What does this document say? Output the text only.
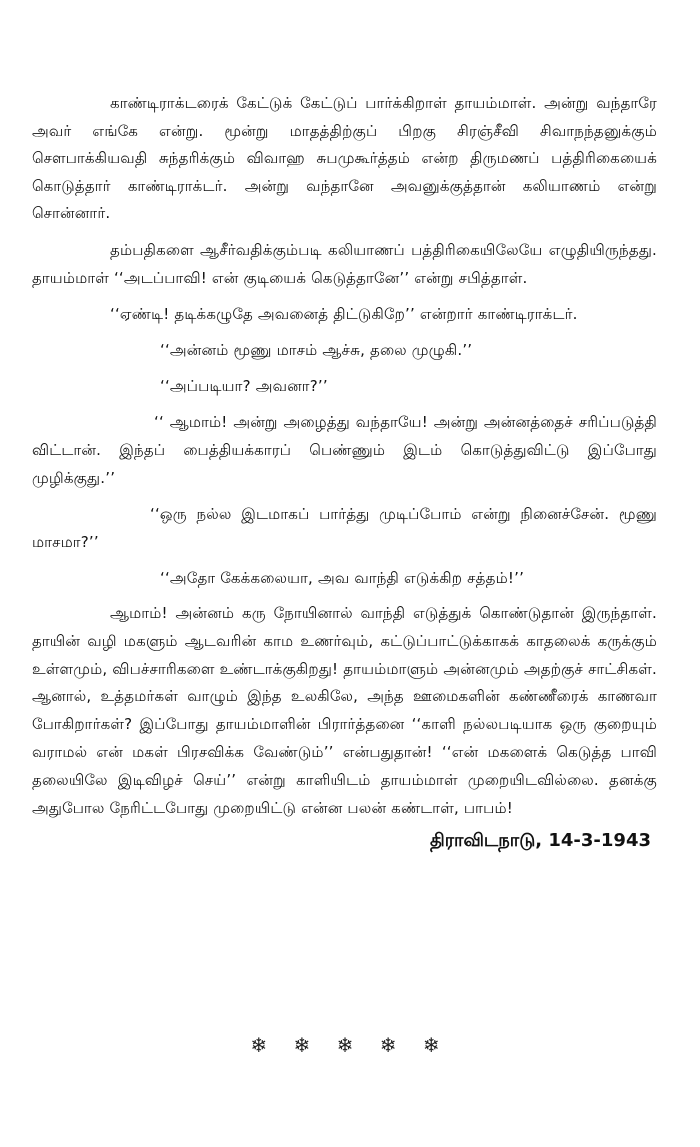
காண்டிராக்டரைக் கேட்டுக் கேட்டுப் பார்க்கிறாள் தாயம்மாள். அன்று வந்தாரே அவர் எங்கே என்று. மூன்று மாதத்திற்குப் பிறகு சிரஞ்சீவி சிவாநந்தனுக்கும் சௌபாக்கியவதி சுந்தரிக்கும் விவாஹ சுபமுகூர்த்தம் என்ற திருமணப் பத்திரிகையைக் கொடுத்தார் காண்டிராக்டர். அன்று வந்தானே அவனுக்குத்தான் கலியாணம் என்று சொன்னார்.

தம்பதிகளை ஆசீர்வதிக்கும்படி கலியாணப் பத்திரிகையிலேயே எழுதியிருந்தது. தாயம்மாள் ‘‘அடப்பாவி! என் குடியைக் கெடுத்தானே’’ என்று சபித்தாள்.

‘‘ஏண்டி! தடிக்கழுதே அவனைத் திட்டுகிறே’’ என்றார் காண்டிராக்டர்.

‘‘அன்னம் மூணு மாசம் ஆச்சு, தலை முழுகி.’’

‘‘அப்படியா? அவனா?’’

‘‘ ஆமாம்! அன்று அழைத்து வந்தாயே! அன்று அன்னத்தைச் சரிப்படுத்தி விட்டான். இந்தப் பைத்தியக்காரப் பெண்ணும் இடம் கொடுத்துவிட்டு இப்போது முழிக்குது.’’

‘‘ஒரு நல்ல இடமாகப் பார்த்து முடிப்போம் என்று நினைச்சேன். மூணு மாசமா?’’

‘‘அதோ கேக்கலையா, அவ வாந்தி எடுக்கிற சத்தம்!’’

ஆமாம்! அன்னம் கரு நோயினால் வாந்தி எடுத்துக் கொண்டுதான் இருந்தாள். தாயின் வழி மகளும் ஆடவரின் காம உணர்வும், கட்டுப்பாட்டுக்காகக் காதலைக் கருக்கும் உள்ளமும், விபச்சாரிகளை உண்டாக்குகிறது! தாயம்மாளும் அன்னமும் அதற்குச் சாட்சிகள். ஆனால், உத்தமர்கள் வாழும் இந்த உலகிலே, அந்த ஊமைகளின் கண்ணீரைக் காணவா போகிறார்கள்? இப்போது தாயம்மாளின் பிரார்த்தனை ‘‘காளி நல்லபடியாக ஒரு குறையும் வராமல் என் மகள் பிரசவிக்க வேண்டும்’’ என்பதுதான்! ‘‘என் மகளைக் கெடுத்த பாவி தலையிலே இடிவிழச் செய்’’ என்று காளியிடம் தாயம்மாள் முறையிடவில்லை. தனக்கு அதுபோல நேரிட்டபோது முறையிட்டு என்ன பலன் கண்டாள், பாபம்!

திராவிடநாடு, 14-3-1943
❄ ❄ ❄ ❄ ❄
